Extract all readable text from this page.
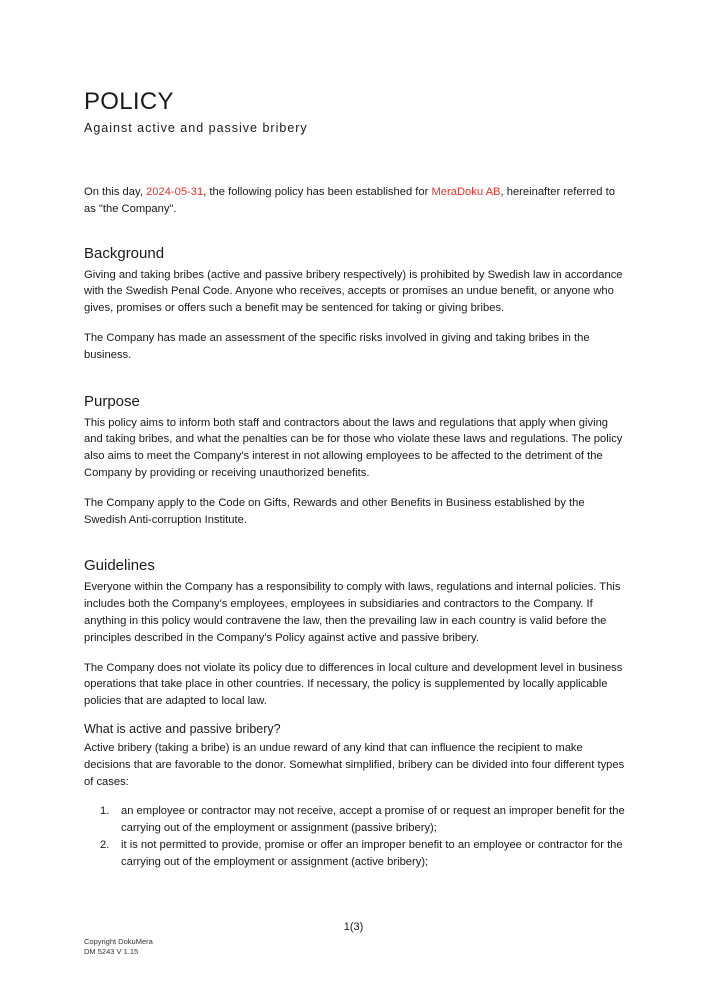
POLICY
Against active and passive bribery

On this day, 2024-05-31, the following policy has been established for MeraDoku AB, hereinafter referred to as "the Company".

Background

Giving and taking bribes (active and passive bribery respectively) is prohibited by Swedish law in accordance with the Swedish Penal Code. Anyone who receives, accepts or promises an undue benefit, or anyone who gives, promises or offers such a benefit may be sentenced for taking or giving bribes.

The Company has made an assessment of the specific risks involved in giving and taking bribes in the business.

Purpose

This policy aims to inform both staff and contractors about the laws and regulations that apply when giving and taking bribes, and what the penalties can be for those who violate these laws and regulations. The policy also aims to meet the Company's interest in not allowing employees to be affected to the detriment of the Company by providing or receiving unauthorized benefits.

The Company apply to the Code on Gifts, Rewards and other Benefits in Business established by the Swedish Anti-corruption Institute.

Guidelines

Everyone within the Company has a responsibility to comply with laws, regulations and internal policies. This includes both the Company's employees, employees in subsidiaries and contractors to the Company. If anything in this policy would contravene the law, then the prevailing law in each country is valid before the principles described in the Company's Policy against active and passive bribery.

The Company does not violate its policy due to differences in local culture and development level in business operations that take place in other countries. If necessary, the policy is supplemented by locally applicable policies that are adapted to local law.

What is active and passive bribery?

Active bribery (taking a bribe) is an undue reward of any kind that can influence the recipient to make decisions that are favorable to the donor. Somewhat simplified, bribery can be divided into four different types of cases:

1. an employee or contractor may not receive, accept a promise of or request an improper benefit for the carrying out of the employment or assignment (passive bribery);
2. it is not permitted to provide, promise or offer an improper benefit to an employee or contractor for the carrying out of the employment or assignment (active bribery);
1(3)
Copyright DokuMera
DM 5243 V 1.15
